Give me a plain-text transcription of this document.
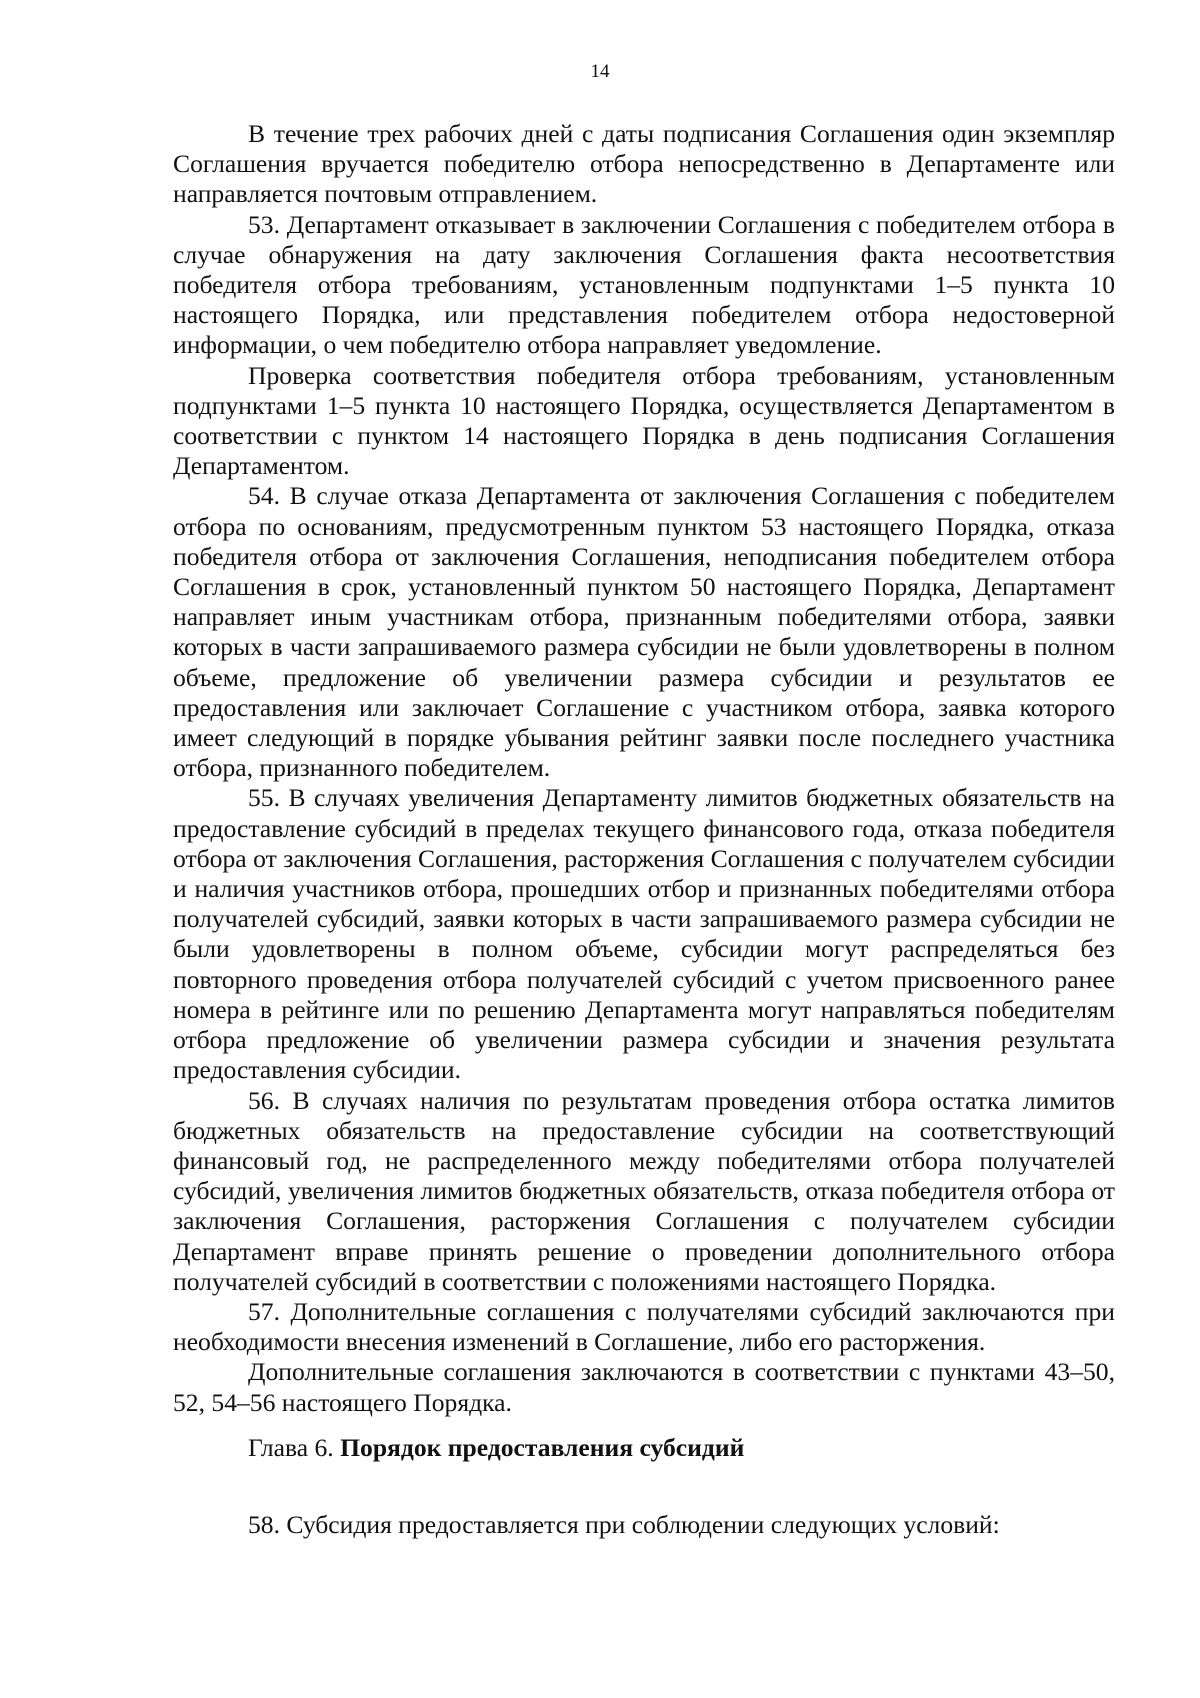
14

В течение трех рабочих дней с даты подписания Соглашения один экземпляр Соглашения вручается победителю отбора непосредственно в Департаменте или направляется почтовым отправлением.

53. Департамент отказывает в заключении Соглашения с победителем отбора в случае обнаружения на дату заключения Соглашения факта несоответствия победителя отбора требованиям, установленным подпунктами 1–5 пункта 10 настоящего Порядка, или представления победителем отбора недостоверной информации, о чем победителю отбора направляет уведомление.

Проверка соответствия победителя отбора требованиям, установленным подпунктами 1–5 пункта 10 настоящего Порядка, осуществляется Департаментом в соответствии с пунктом 14 настоящего Порядка в день подписания Соглашения Департаментом.

54. В случае отказа Департамента от заключения Соглашения с победителем отбора по основаниям, предусмотренным пунктом 53 настоящего Порядка, отказа победителя отбора от заключения Соглашения, неподписания победителем отбора Соглашения в срок, установленный пунктом 50 настоящего Порядка, Департамент направляет иным участникам отбора, признанным победителями отбора, заявки которых в части запрашиваемого размера субсидии не были удовлетворены в полном объеме, предложение об увеличении размера субсидии и результатов ее предоставления или заключает Соглашение с участником отбора, заявка которого имеет следующий в порядке убывания рейтинг заявки после последнего участника отбора, признанного победителем.

55. В случаях увеличения Департаменту лимитов бюджетных обязательств на предоставление субсидий в пределах текущего финансового года, отказа победителя отбора от заключения Соглашения, расторжения Соглашения с получателем субсидии и наличия участников отбора, прошедших отбор и признанных победителями отбора получателей субсидий, заявки которых в части запрашиваемого размера субсидии не были удовлетворены в полном объеме, субсидии могут распределяться без повторного проведения отбора получателей субсидий с учетом присвоенного ранее номера в рейтинге или по решению Департамента могут направляться победителям отбора предложение об увеличении размера субсидии и значения результата предоставления субсидии.

56. В случаях наличия по результатам проведения отбора остатка лимитов бюджетных обязательств на предоставление субсидии на соответствующий финансовый год, не распределенного между победителями отбора получателей субсидий, увеличения лимитов бюджетных обязательств, отказа победителя отбора от заключения Соглашения, расторжения Соглашения с получателем субсидии Департамент вправе принять решение о проведении дополнительного отбора получателей субсидий в соответствии с положениями настоящего Порядка.

57. Дополнительные соглашения с получателями субсидий заключаются при необходимости внесения изменений в Соглашение, либо его расторжения.

Дополнительные соглашения заключаются в соответствии с пунктами 43–50, 52, 54–56 настоящего Порядка.

Глава 6. Порядок предоставления субсидий
58. Субсидия предоставляется при соблюдении следующих условий:
